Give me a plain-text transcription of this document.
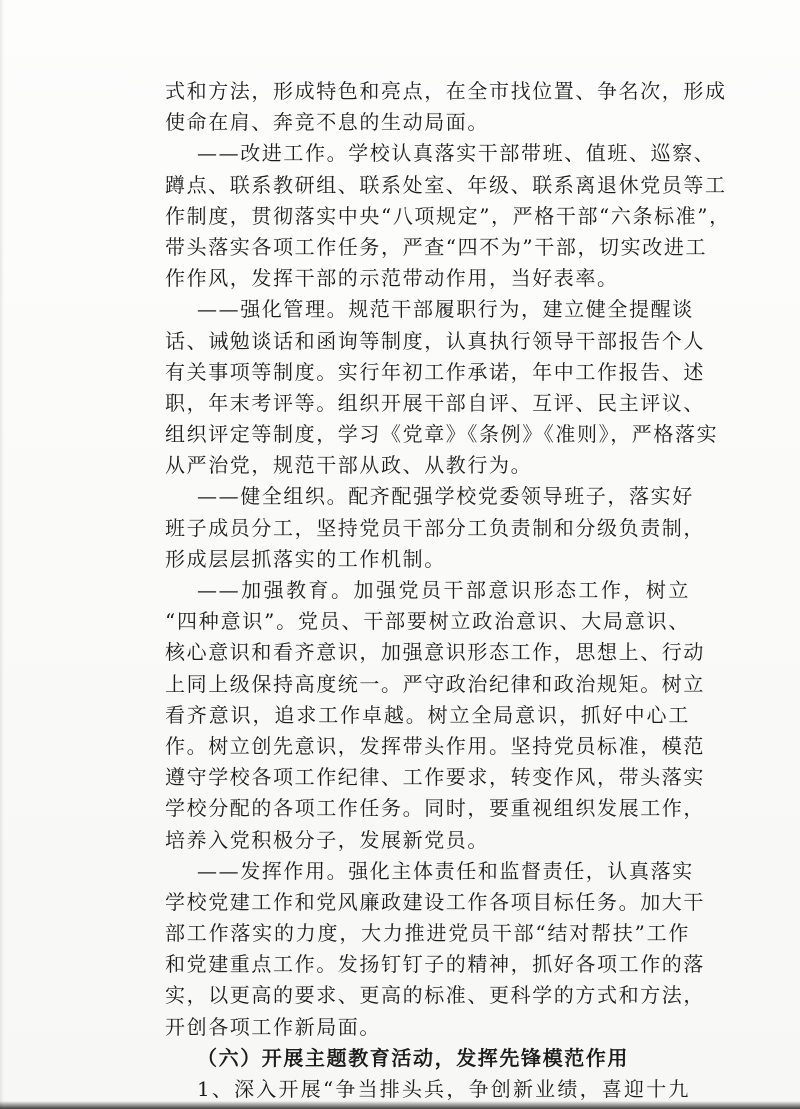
式和方法，形成特色和亮点，在全市找位置、争名次，形成
使命在肩、奔竞不息的生动局面。
——改进工作。学校认真落实干部带班、值班、巡察、
蹲点、联系教研组、联系处室、年级、联系离退休党员等工
作制度，贯彻落实中央“八项规定”，严格干部“六条标准”，
带头落实各项工作任务，严查“四不为”干部，切实改进工
作作风，发挥干部的示范带动作用，当好表率。
——强化管理。规范干部履职行为，建立健全提醒谈
话、诫勉谈话和函询等制度，认真执行领导干部报告个人
有关事项等制度。实行年初工作承诺，年中工作报告、述
职，年末考评等。组织开展干部自评、互评、民主评议、
组织评定等制度，学习《党章》《条例》《准则》，严格落实
从严治党，规范干部从政、从教行为。
——健全组织。配齐配强学校党委领导班子，落实好
班子成员分工，坚持党员干部分工负责制和分级负责制，
形成层层抓落实的工作机制。
——加强教育。加强党员干部意识形态工作，树立
“四种意识”。党员、干部要树立政治意识、大局意识、
核心意识和看齐意识，加强意识形态工作，思想上、行动
上同上级保持高度统一。严守政治纪律和政治规矩。树立
看齐意识，追求工作卓越。树立全局意识，抓好中心工
作。树立创先意识，发挥带头作用。坚持党员标准，模范
遵守学校各项工作纪律、工作要求，转变作风，带头落实
学校分配的各项工作任务。同时，要重视组织发展工作，
培养入党积极分子，发展新党员。
——发挥作用。强化主体责任和监督责任，认真落实
学校党建工作和党风廉政建设工作各项目标任务。加大干
部工作落实的力度，大力推进党员干部“结对帮扶”工作
和党建重点工作。发扬钉钉子的精神，抓好各项工作的落
实，以更高的要求、更高的标准、更科学的方式和方法，
开创各项工作新局面。
（六）开展主题教育活动，发挥先锋模范作用
1、深入开展“争当排头兵，争创新业绩，喜迎十九
